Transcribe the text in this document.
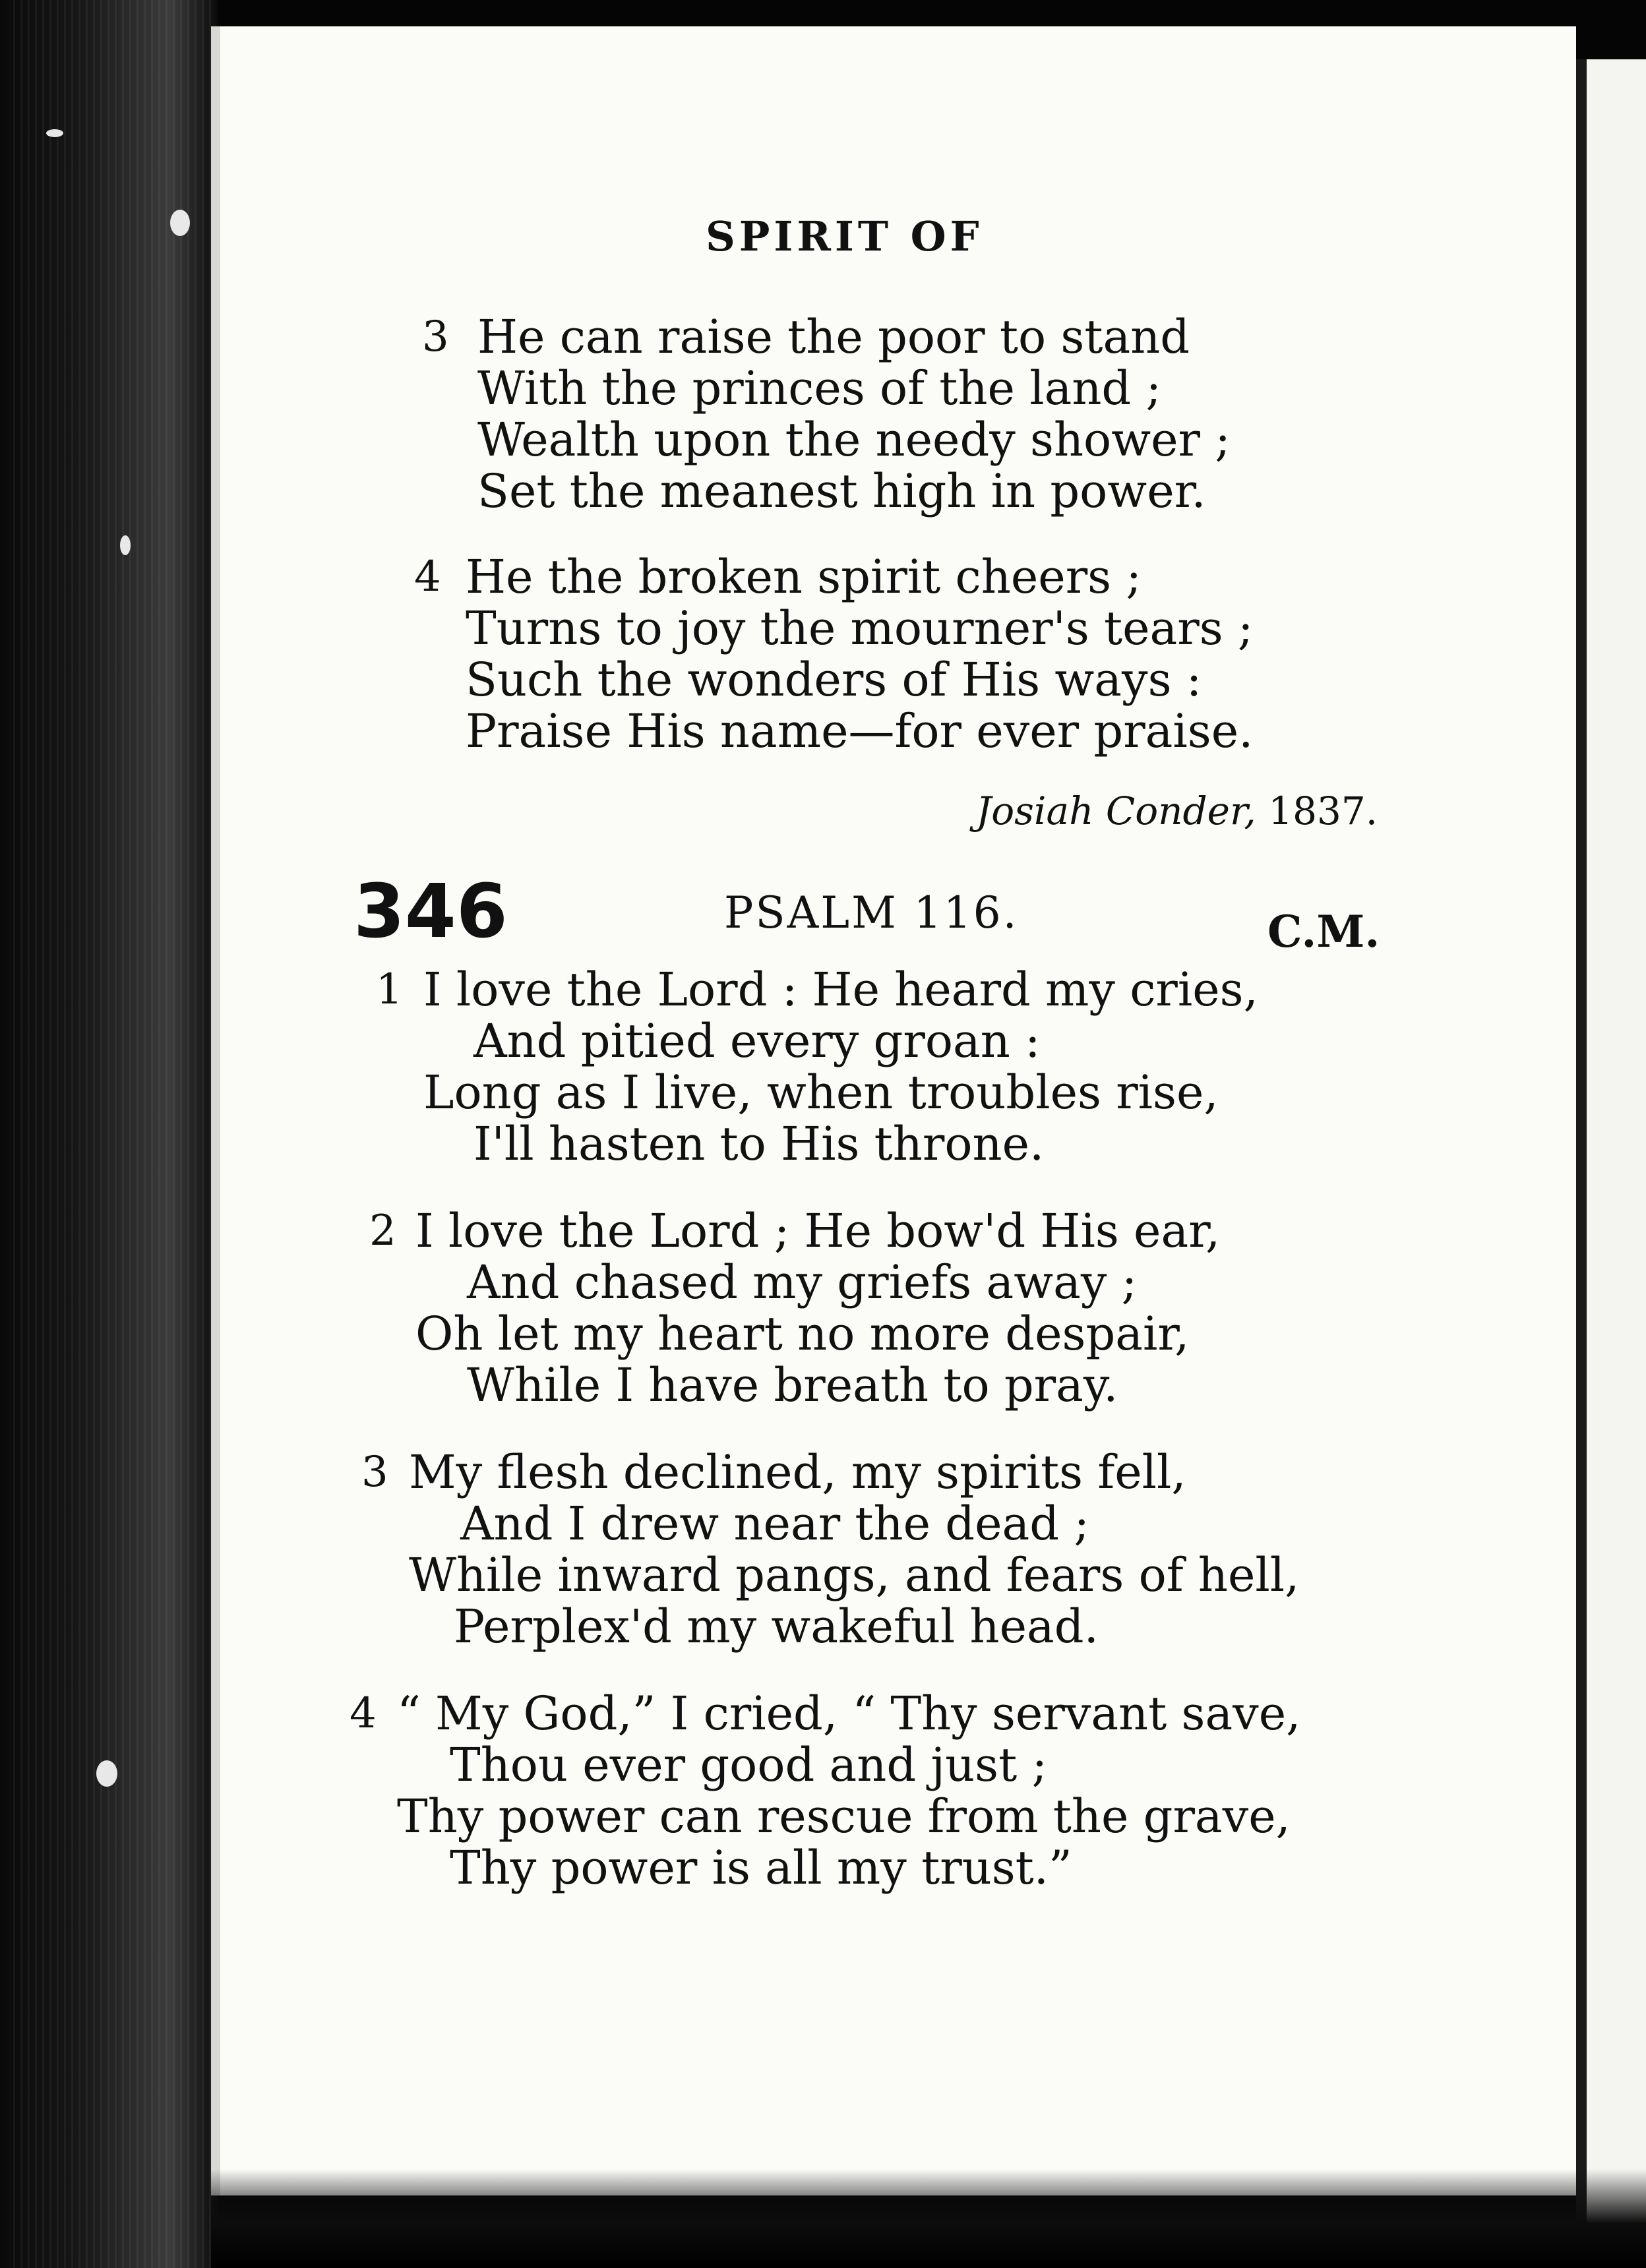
SPIRIT OF
3 He can raise the poor to stand
With the princes of the land ;
Wealth upon the needy shower ;
Set the meanest high in power.
4 He the broken spirit cheers ;
Turns to joy the mourner's tears ;
Such the wonders of His ways :
Praise His name—for ever praise.
Josiah Conder, 1837.
346	PSALM 116.	C.M.
1 I love the Lord : He heard my cries,
And pitied every groan :
Long as I live, when troubles rise,
I'll hasten to His throne.
2 I love the Lord ; He bow'd His ear,
And chased my griefs away ;
Oh let my heart no more despair,
While I have breath to pray.
3 My flesh declined, my spirits fell,
And I drew near the dead ;
While inward pangs, and fears of hell,
Perplex'd my wakeful head.
4 “ My God,” I cried, “ Thy servant save,
Thou ever good and just ;
Thy power can rescue from the grave,
Thy power is all my trust.”
